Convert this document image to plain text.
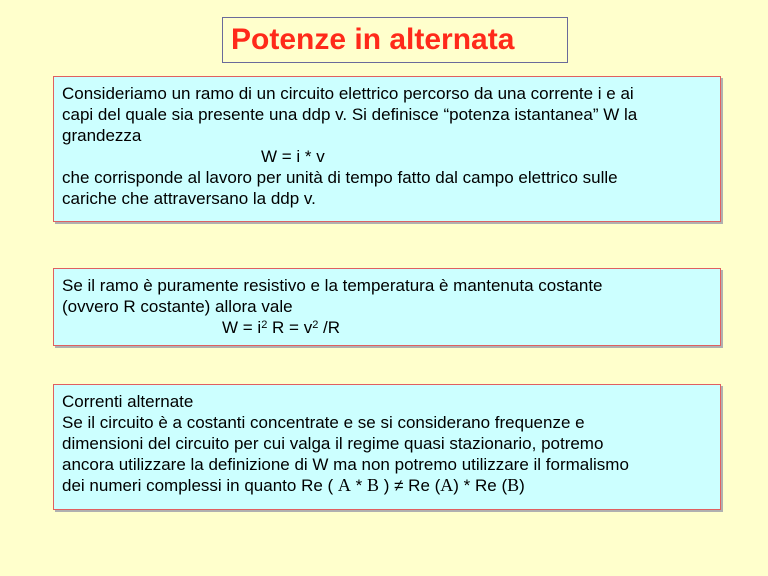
Potenze in alternata
Consideriamo un ramo di un circuito elettrico percorso da una corrente i e ai
capi del quale sia presente una ddp v. Si definisce “potenza istantanea” W la
grandezza
W = i * v
che corrisponde al lavoro per unità di tempo fatto dal campo elettrico sulle
cariche che attraversano la ddp v.
Se il ramo è puramente resistivo e la temperatura è mantenuta costante
(ovvero R costante) allora vale
$W = i^2$ $R = v^2$ /R
Correnti alternate
Se il circuito è a costanti concentrate e se si considerano frequenze e
dimensioni del circuito per cui valga il regime quasi stazionario, potremo
ancora utilizzare la definizione di W ma non potremo utilizzare il formalismo
dei numeri complessi in quanto Re ( A * B ) ≠ Re (A) * Re (B)
